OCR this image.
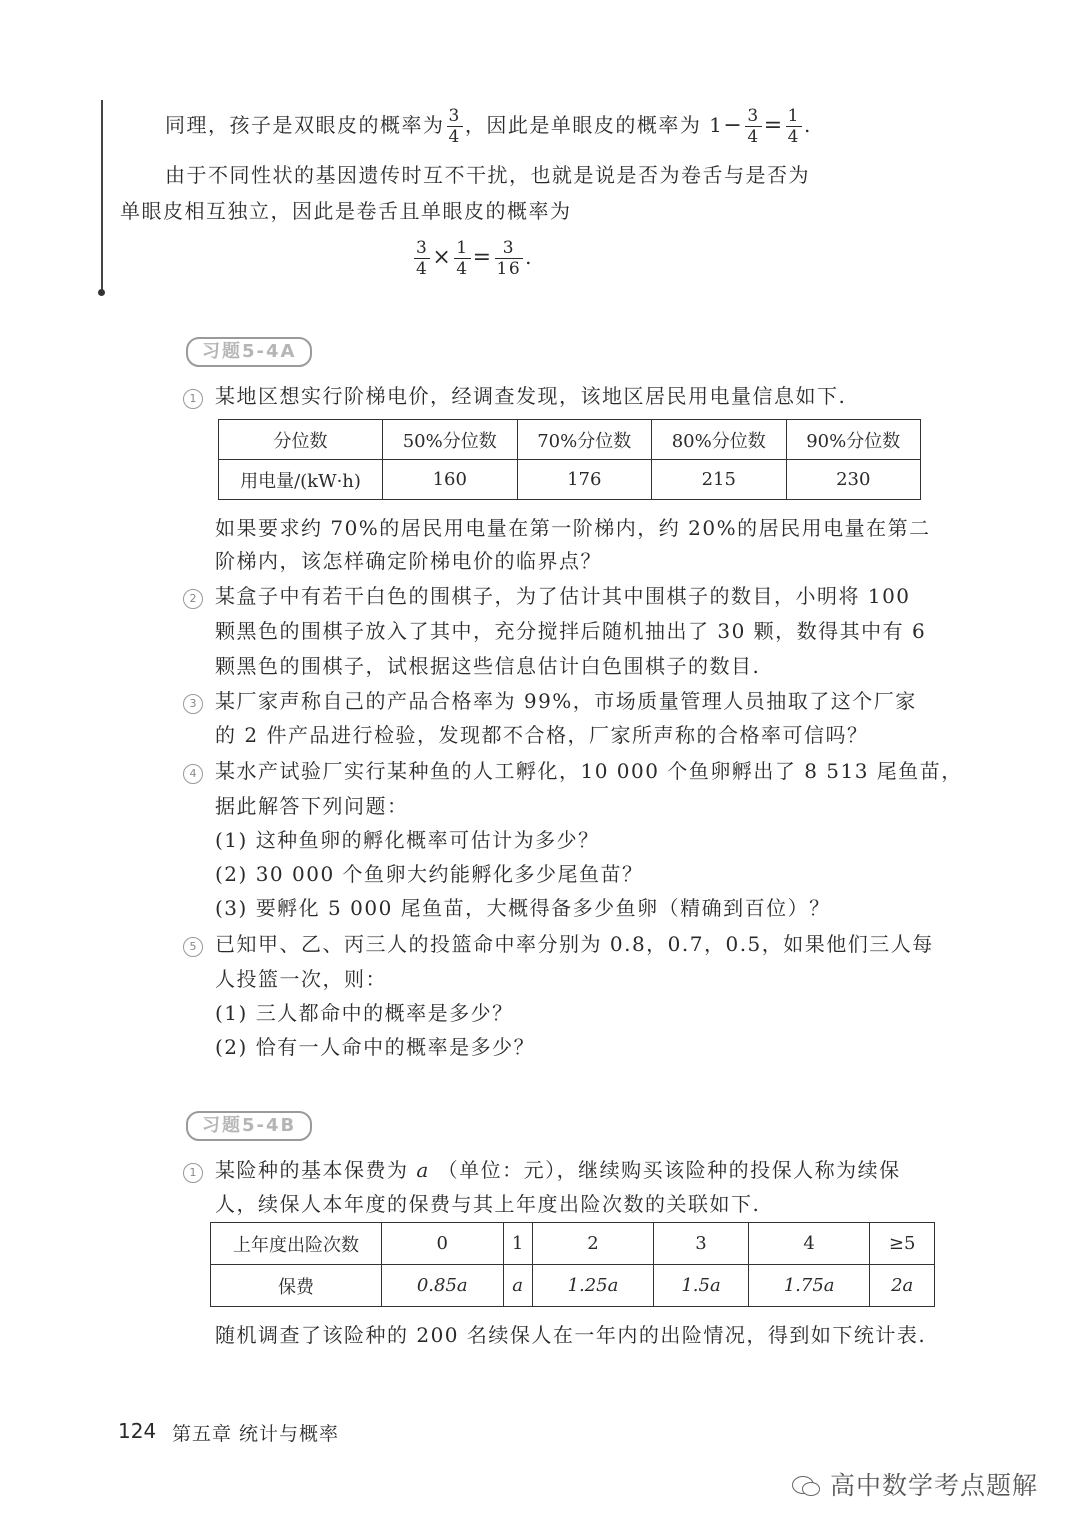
同理，孩子是双眼皮的概率为 $\frac{3}{4}$ ，因此是单眼皮的概率为 $1- \frac{3}{4} = \frac{1}{4}$ .
由于不同性状的基因遗传时互不干扰，也就是说是否为卷舌与是否为
单眼皮相互独立，因此是卷舌且单眼皮的概率为
$\frac{3}{4} \times \frac{1}{4} = \frac{3}{16}$ .
习题5-4A
1 某地区想实行阶梯电价，经调查发现，该地区居民用电量信息如下.
分位数	50%分位数	70%分位数	80%分位数	90%分位数
用电量/(kW·h)	160	176	215	230
如果要求约 70%的居民用电量在第一阶梯内，约 20%的居民用电量在第二
阶梯内，该怎样确定阶梯电价的临界点？
2 某盒子中有若干白色的围棋子，为了估计其中围棋子的数目，小明将 100
颗黑色的围棋子放入了其中，充分搅拌后随机抽出了 30 颗，数得其中有 6
颗黑色的围棋子，试根据这些信息估计白色围棋子的数目.
3 某厂家声称自己的产品合格率为 99%，市场质量管理人员抽取了这个厂家
的 2 件产品进行检验，发现都不合格，厂家所声称的合格率可信吗？
4 某水产试验厂实行某种鱼的人工孵化，10 000 个鱼卵孵出了 8 513 尾鱼苗，
据此解答下列问题：
(1) 这种鱼卵的孵化概率可估计为多少？
(2) 30 000 个鱼卵大约能孵化多少尾鱼苗？
(3) 要孵化 5 000 尾鱼苗，大概得备多少鱼卵（精确到百位）？
5 已知甲、乙、丙三人的投篮命中率分别为 0.8，0.7，0.5，如果他们三人每
人投篮一次，则：
(1) 三人都命中的概率是多少？
(2) 恰有一人命中的概率是多少？
习题5-4B
1 某险种的基本保费为 a （单位：元），继续购买该险种的投保人称为续保
人，续保人本年度的保费与其上年度出险次数的关联如下.
上年度出险次数	0	1	2	3	4	≥5
保费	0.85a	a	1.25a	1.5a	1.75a	2a
随机调查了该险种的 200 名续保人在一年内的出险情况，得到如下统计表.
124 第五章 统计与概率
高中数学考点题解
